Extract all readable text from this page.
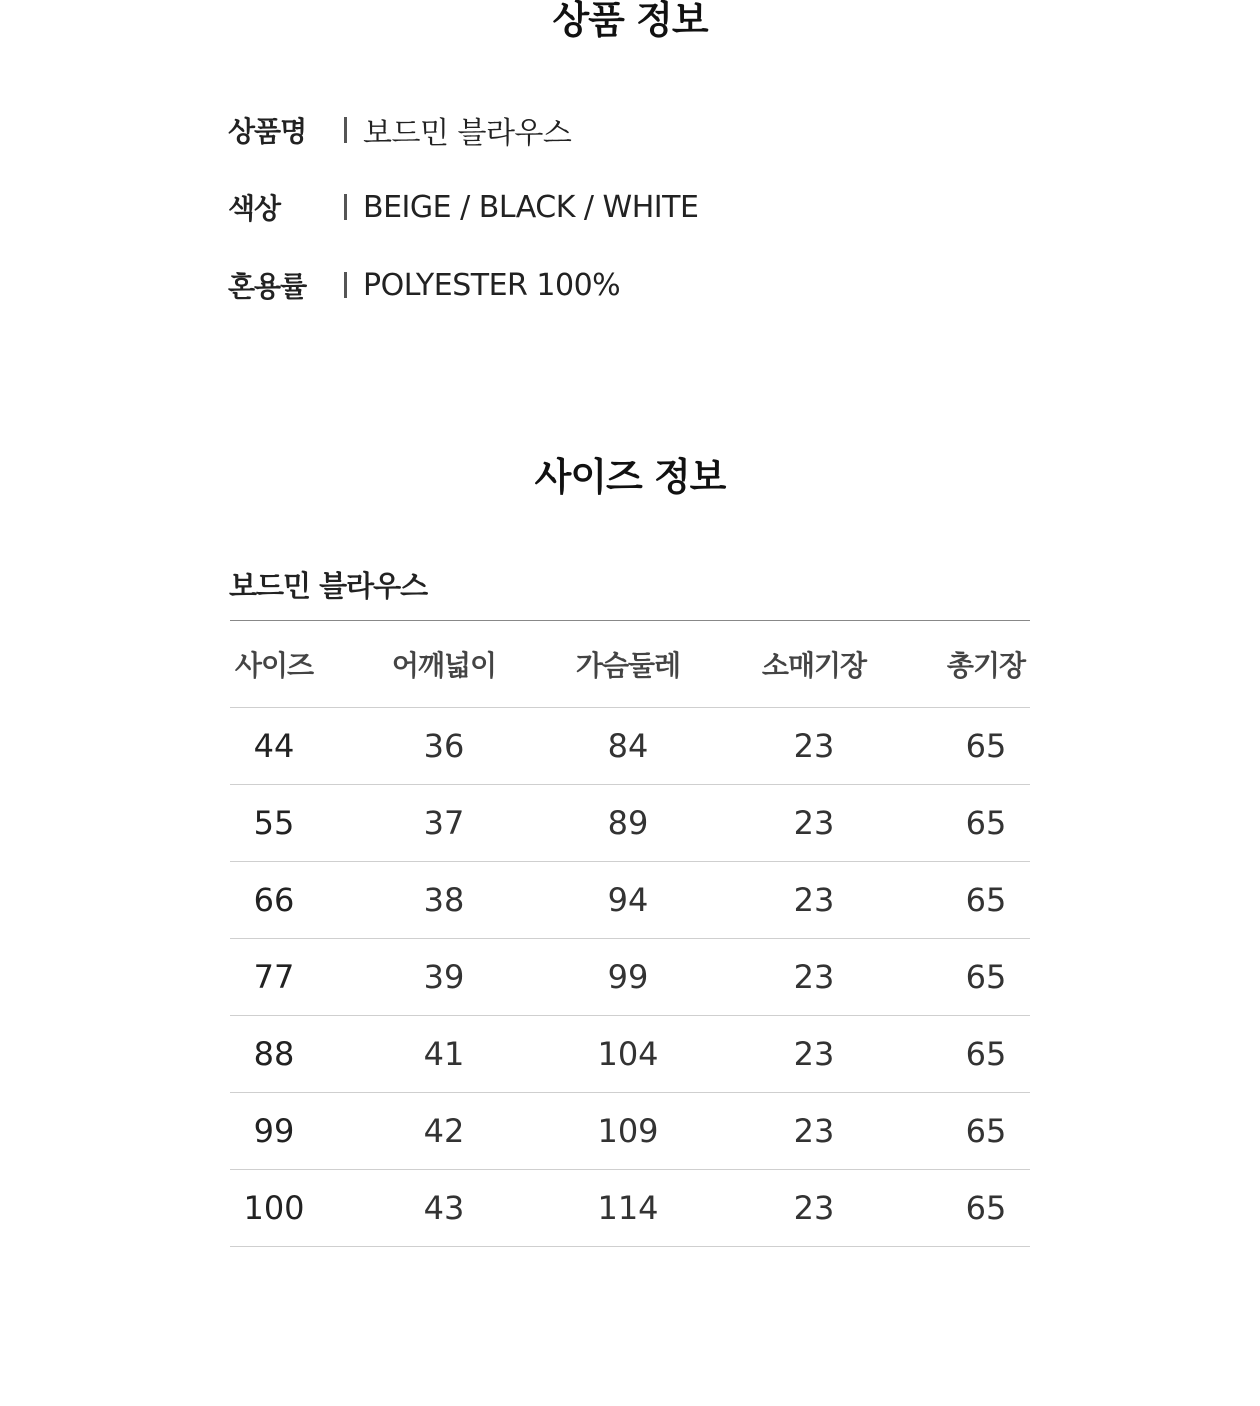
상품 정보
상품명	보드민 블라우스
색상	BEIGE / BLACK / WHITE
혼용률	POLYESTER 100%
사이즈 정보
보드민 블라우스
사이즈	어깨넓이	가슴둘레	소매기장	총기장
44	36	84	23	65
55	37	89	23	65
66	38	94	23	65
77	39	99	23	65
88	41	104	23	65
99	42	109	23	65
100	43	114	23	65
